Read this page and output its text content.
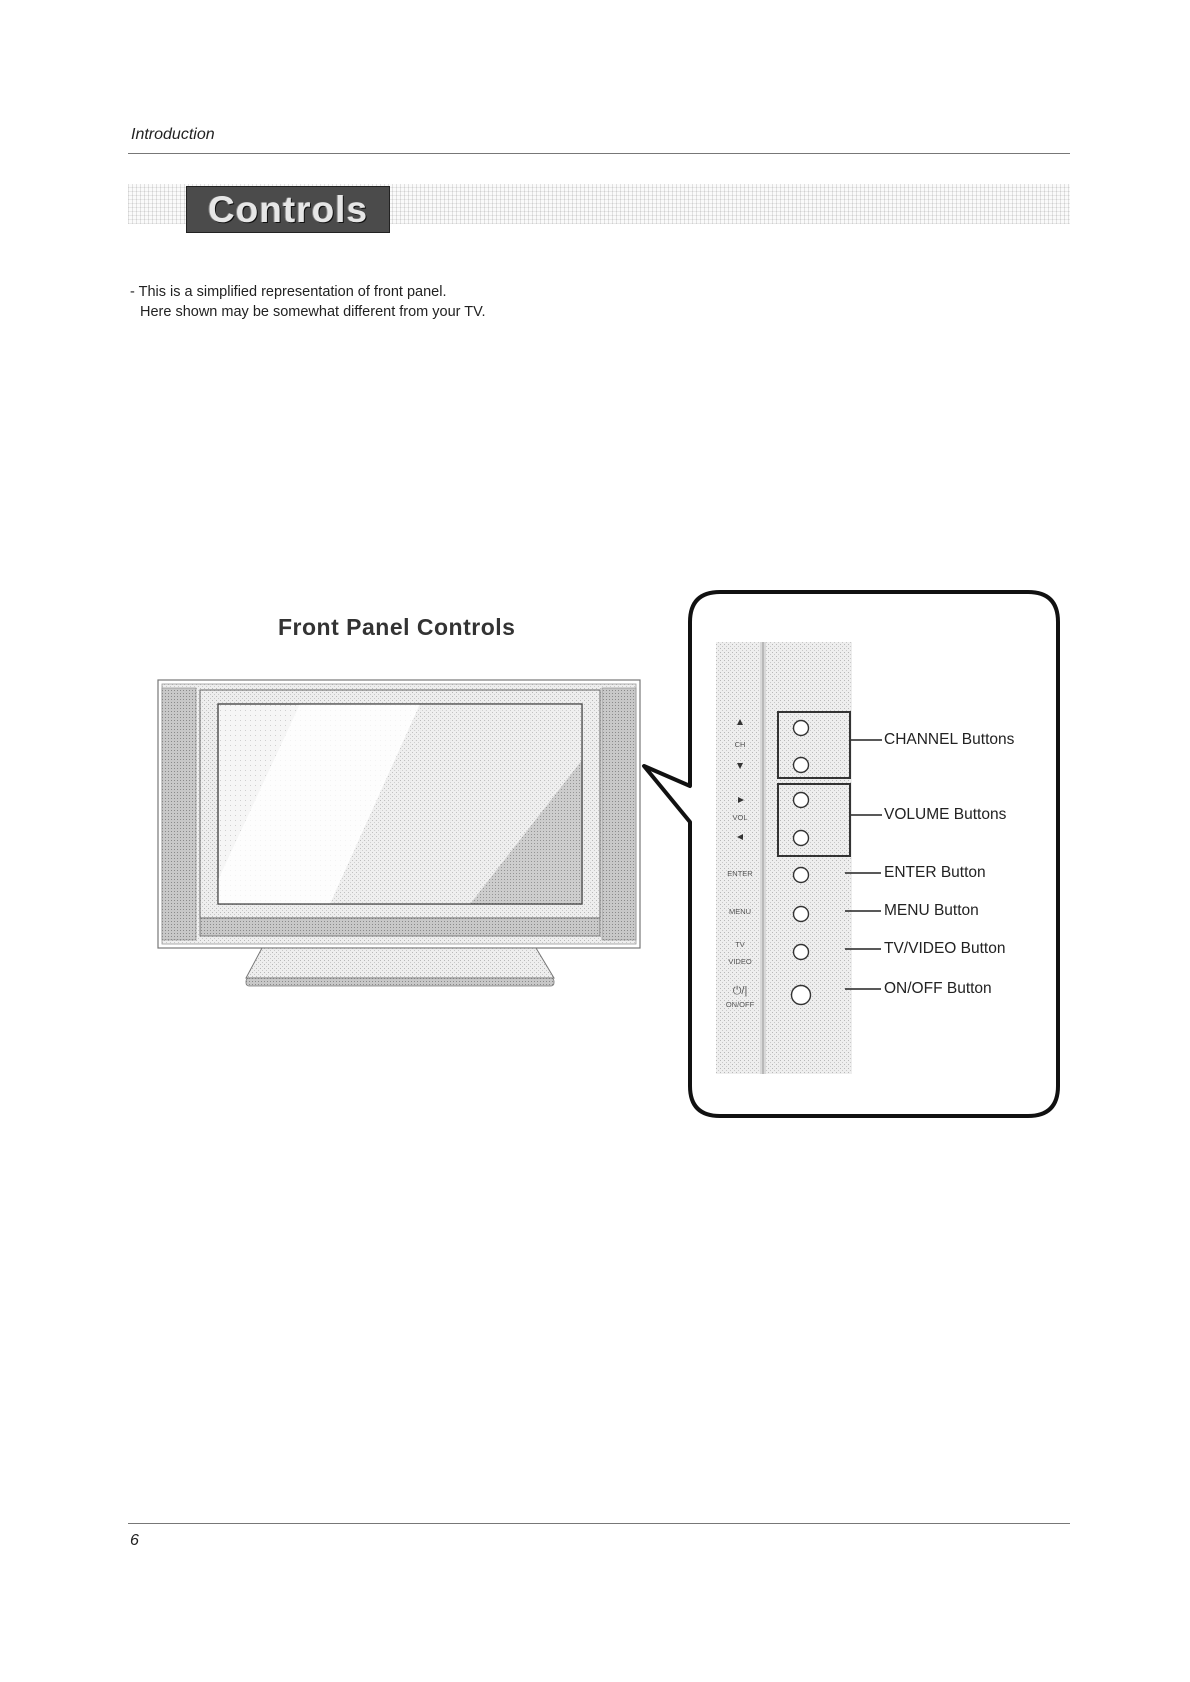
Introduction
Controls
- This is a simplified representation of front panel.
Here shown may be somewhat different from your TV.
Front Panel Controls
CH
VOL
ENTER
MENU
TV
VIDEO
⏻/|
ON/OFF
CHANNEL Buttons
VOLUME Buttons
ENTER Button
MENU Button
TV/VIDEO Button
ON/OFF Button
6
